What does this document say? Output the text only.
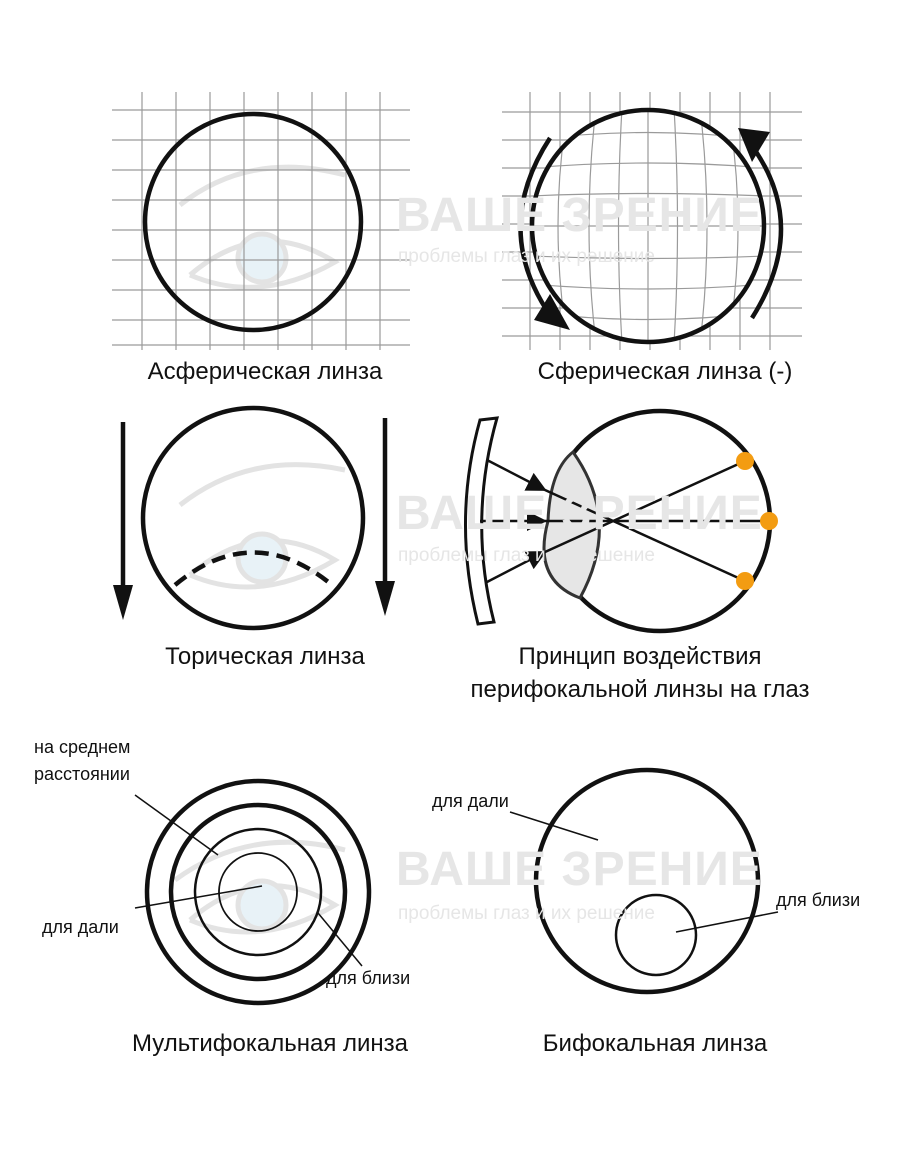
ВАШЕ ЗРЕНИЕ
проблемы глаз и их решение
ВАШЕ ЗРЕНИЕ
проблемы глаз и их решение
ВАШЕ ЗРЕНИЕ
проблемы глаз и их решение
Асферическая линза	Сферическая линза (-)
Торическая линза	Принцип воздействия
перифокальной линзы на глаз
Мультифокальная линза	Бифокальная линза
на среднем
расстоянии
для дали
для близи
для дали
для близи
